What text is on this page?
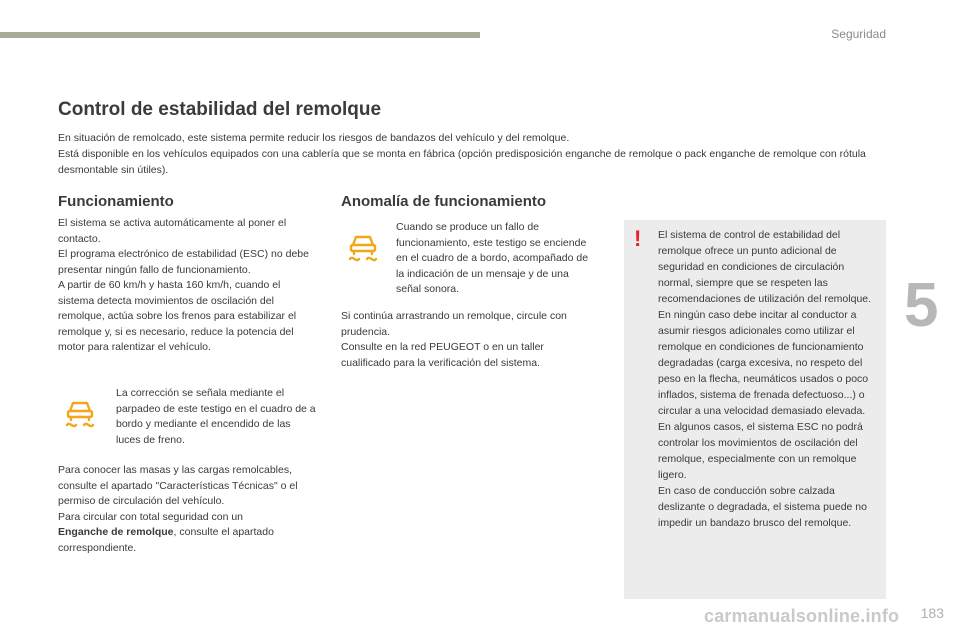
Seguridad
5
carmanualsonline.info 183
Control de estabilidad del remolque

En situación de remolcado, este sistema permite reducir los riesgos de bandazos del vehículo y del remolque.

Está disponible en los vehículos equipados con una cablería que se monta en fábrica (opción predisposición enganche de remolque o pack enganche de remolque con rótula desmontable sin útiles).

Funcionamiento

El sistema se activa automáticamente al poner el contacto.

El programa electrónico de estabilidad (ESC) no debe presentar ningún fallo de funcionamiento.

A partir de 60 km/h y hasta 160 km/h, cuando el sistema detecta movimientos de oscilación del remolque, actúa sobre los frenos para estabilizar el remolque y, si es necesario, reduce la potencia del motor para ralentizar el vehículo.

La corrección se señala mediante el parpadeo de este testigo en el cuadro de a bordo y mediante el encendido de las luces de freno.

Para conocer las masas y las cargas remolcables, consulte el apartado "Características Técnicas" o el permiso de circulación del vehículo.

Para circular con total seguridad con un
Enganche de remolque, consulte el apartado correspondiente.

Anomalía de funcionamiento
Cuando se produce un fallo de funcionamiento, este testigo se enciende en el cuadro de a bordo, acompañado de la indicación de un mensaje y de una señal sonora.

Si continúa arrastrando un remolque, circule con prudencia.

Consulte en la red PEUGEOT o en un taller cualificado para la verificación del sistema.

! El sistema de control de estabilidad del remolque ofrece un punto adicional de seguridad en condiciones de circulación normal, siempre que se respeten las recomendaciones de utilización del remolque. En ningún caso debe incitar al conductor a asumir riesgos adicionales como utilizar el remolque en condiciones de funcionamiento degradadas (carga excesiva, no respeto del peso en la flecha, neumáticos usados o poco inflados, sistema de frenada defectuoso...) o circular a una velocidad demasiado elevada.

En algunos casos, el sistema ESC no podrá controlar los movimientos de oscilación del remolque, especialmente con un remolque ligero.

En caso de conducción sobre calzada deslizante o degradada, el sistema puede no impedir un bandazo brusco del remolque.
